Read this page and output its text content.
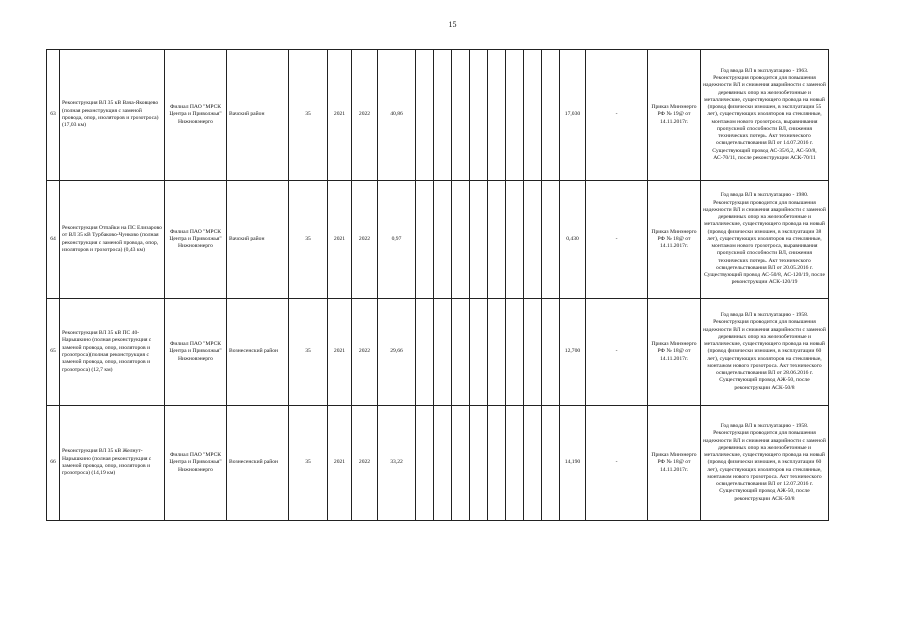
15
63	Реконструкция ВЛ 35 кВ Вача-Яковцево (полная реконструкция с заменой провода, опор, изоляторов и грозотроса) (17,03 км)	Филиал ПАО "МРСК Центра и Приволжья" Нижновэнерго	Вачский район	35	2021	2022	40,86									17,030	-	Приказ Минэнерго РФ № 19@ от 14.11.2017г.	Год ввода ВЛ в эксплуатацию - 1963. Реконструкция проводится для повышения надежности ВЛ и снижения аварийности с заменой деревянных опор на железобетонные и металлические, существующего провода на новый (провод физически изношен, в эксплуатации 55 лет), существующих изоляторов на стеклянные, монтажом нового грозотроса, выравнивания пропускной способности ВЛ, снижения технических потерь. Акт технического освидетельствования ВЛ от 14.07.2016 г. Существующий провод АС-35/6,2, АС-50/8, АС-70/11, после реконструкции АСК-70/11
64	Реконструкция Отпайки на ПС Елизарово от ВЛ 35 кВ Турбаково-Чунково (полная реконструкция с заменой провода, опор, изоляторов и грозотроса) (0,43 км)	Филиал ПАО "МРСК Центра и Приволжья" Нижновэнерго	Вачский район	35	2021	2022	0,97									0,430	-	Приказ Минэнерго РФ № 18@ от 14.11.2017г.	Год ввода ВЛ в эксплуатацию - 1980. Реконструкция проводится для повышения надежности ВЛ и снижения аварийности с заменой деревянных опор на железобетонные и металлические, существующего провода на новый (провод физически изношен, в эксплуатации 38 лет), существующих изоляторов на стеклянные, монтажом нового грозотроса, выравнивания пропускной способности ВЛ, снижения технических потерь. Акт технического освидетельствования ВЛ от 20.05.2016 г. Существующий провод АС-50/8, АС-120/19, после реконструкции АСК-120/19
65	Реконструкция ВЛ 35 кВ ПС 40-Нарышкино (полная реконструкция с заменой провода, опор, изоляторов и грозотроса)(полная реконструкция с заменой провода, опор, изоляторов и грозотроса) (12,7 км)	Филиал ПАО "МРСК Центра и Приволжья" Нижновэнерго	Вознесенский район	35	2021	2022	29,66									12,700	-	Приказ Минэнерго РФ № 18@ от 14.11.2017г.	Год ввода ВЛ в эксплуатацию - 1958. Реконструкция проводится для повышения надежности ВЛ и снижения аварийности с заменой деревянных опор на железобетонные и металлические, существующего провода на новый (провод физически изношен, в эксплуатации 60 лет), существующих изоляторов на стеклянные, монтажом нового грозотроса. Акт технического освидетельствования ВЛ от 28.06.2016 г. Существующий провод АЖ-50, после реконструкции АСК-50/8
66	Реконструкция ВЛ 35 кВ Желнут-Нарышкино (полная реконструкция с заменой провода, опор, изоляторов и грозотроса) (14,19 км)	Филиал ПАО "МРСК Центра и Приволжья" Нижновэнерго	Вознесенский район	35	2021	2022	33,22									14,190	-	Приказ Минэнерго РФ № 18@ от 14.11.2017г.	Год ввода ВЛ в эксплуатацию - 1958. Реконструкция проводится для повышения надежности ВЛ и снижения аварийности с заменой деревянных опор на железобетонные и металлические, существующего провода на новый (провод физически изношен, в эксплуатации 60 лет), существующих изоляторов на стеклянные, монтажом нового грозотроса. Акт технического освидетельствования ВЛ от 12.07.2016 г. Существующий провод АЖ-50, после реконструкции АСК-50/8
